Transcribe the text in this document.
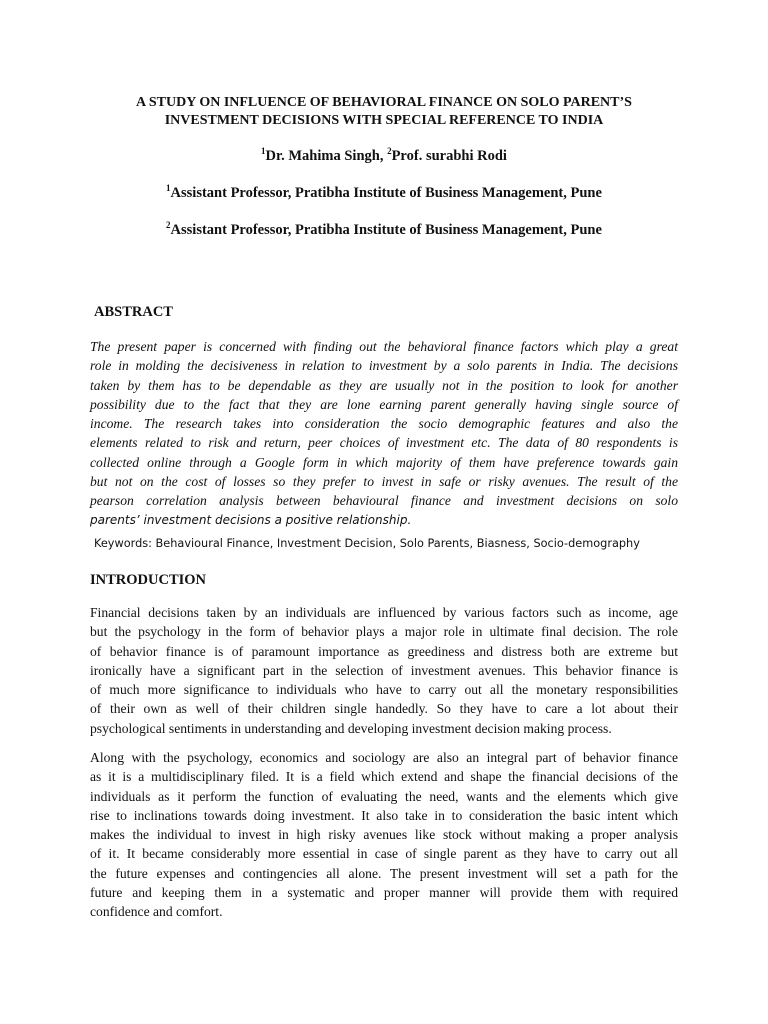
A STUDY ON INFLUENCE OF BEHAVIORAL FINANCE ON SOLO PARENT’S
INVESTMENT DECISIONS WITH SPECIAL REFERENCE TO INDIA
$^1$Dr. Mahima Singh, $^2$Prof. surabhi Rodi
$^1$Assistant Professor, Pratibha Institute of Business Management, Pune
$^2$Assistant Professor, Pratibha Institute of Business Management, Pune
ABSTRACT
The present paper is concerned with finding out the behavioral finance factors which play a great
role in molding the decisiveness in relation to investment by a solo parents in India. The decisions
taken by them has to be dependable as they are usually not in the position to look for another
possibility due to the fact that they are lone earning parent generally having single source of
income. The research takes into consideration the socio demographic features and also the
elements related to risk and return, peer choices of investment etc. The data of 80 respondents is
collected online through a Google form in which majority of them have preference towards gain
but not on the cost of losses so they prefer to invest in safe or risky avenues. The result of the
pearson correlation analysis between behavioural finance and investment decisions on solo
parents’ investment decisions a positive relationship.
Keywords: Behavioural Finance, Investment Decision, Solo Parents, Biasness, Socio-demography
INTRODUCTION
Financial decisions taken by an individuals are influenced by various factors such as income, age
but the psychology in the form of behavior plays a major role in ultimate final decision. The role
of behavior finance is of paramount importance as greediness and distress both are extreme but
ironically have a significant part in the selection of investment avenues. This behavior finance is
of much more significance to individuals who have to carry out all the monetary responsibilities
of their own as well of their children single handedly. So they have to care a lot about their
psychological sentiments in understanding and developing investment decision making process.
Along with the psychology, economics and sociology are also an integral part of behavior finance
as it is a multidisciplinary filed. It is a field which extend and shape the financial decisions of the
individuals as it perform the function of evaluating the need, wants and the elements which give
rise to inclinations towards doing investment. It also take in to consideration the basic intent which
makes the individual to invest in high risky avenues like stock without making a proper analysis
of it. It became considerably more essential in case of single parent as they have to carry out all
the future expenses and contingencies all alone. The present investment will set a path for the
future and keeping them in a systematic and proper manner will provide them with required
confidence and comfort.
